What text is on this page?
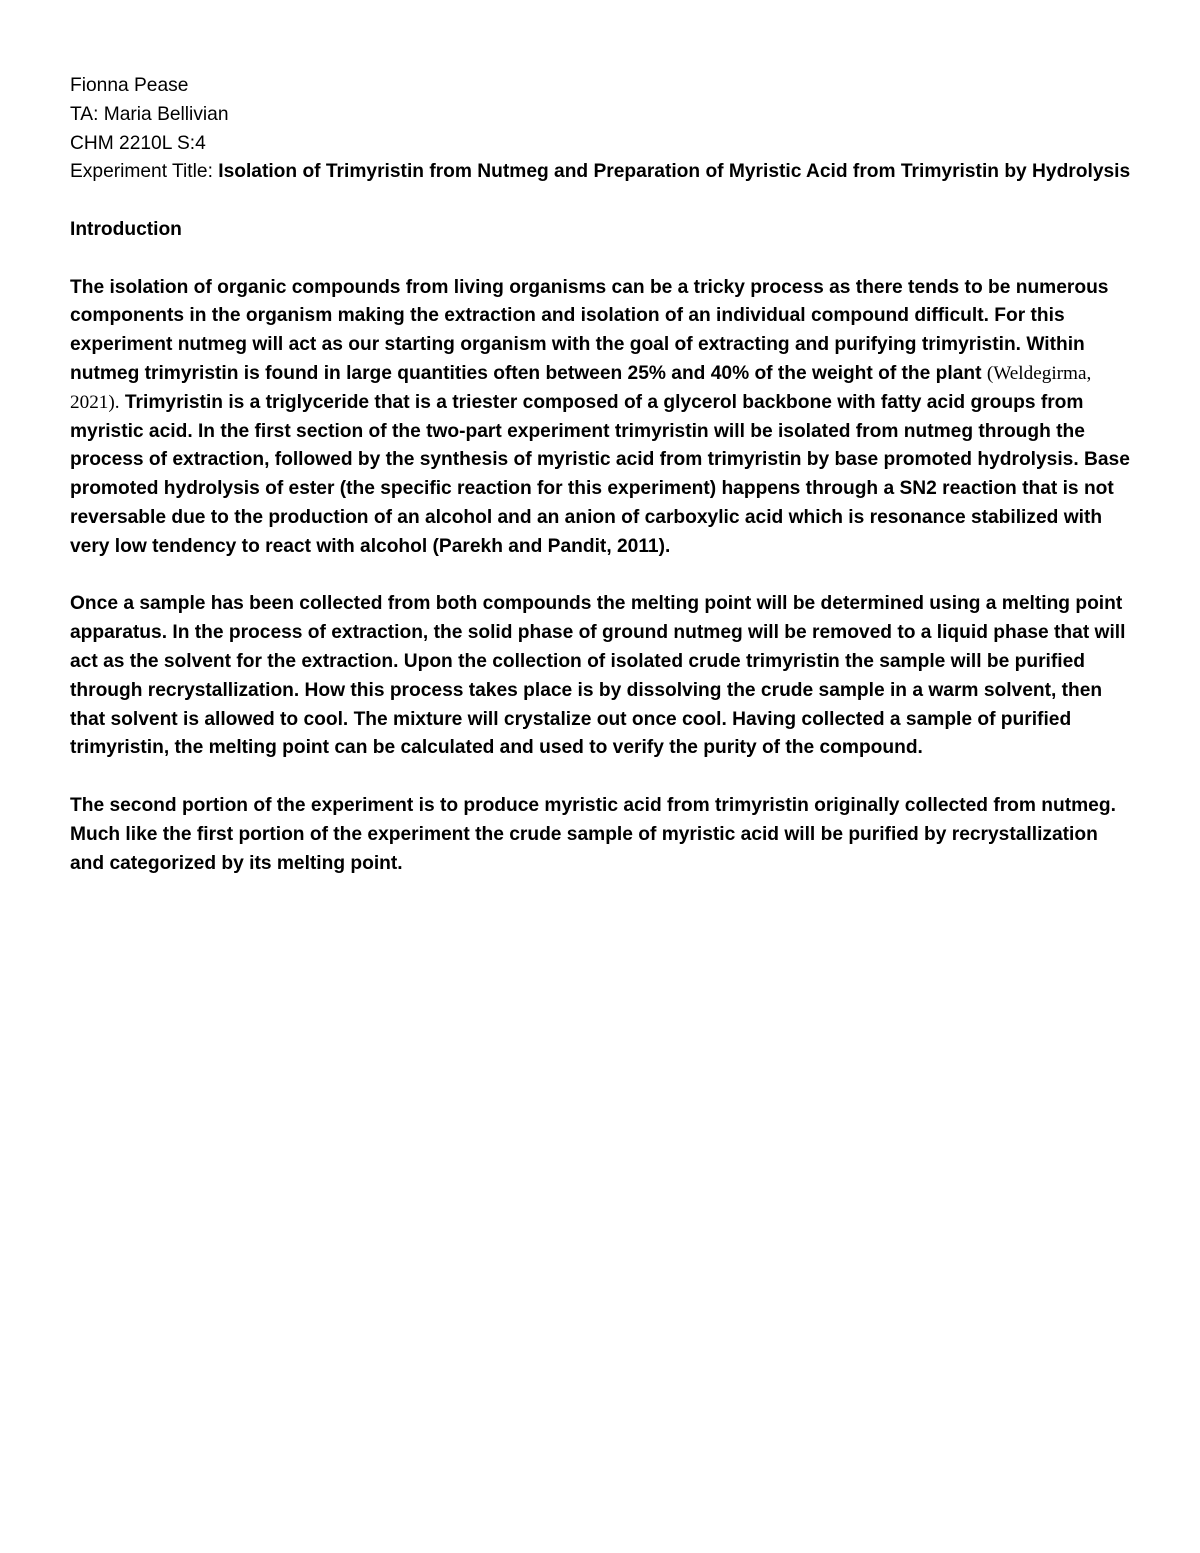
Fionna Pease

TA: Maria Bellivian

CHM 2210L S:4

Experiment Title: Isolation of Trimyristin from Nutmeg and Preparation of Myristic Acid from Trimyristin by Hydrolysis

Introduction

The isolation of organic compounds from living organisms can be a tricky process as there tends to be numerous components in the organism making the extraction and isolation of an individual compound difficult. For this experiment nutmeg will act as our starting organism with the goal of extracting and purifying trimyristin. Within nutmeg trimyristin is found in large quantities often between 25% and 40% of the weight of the plant (Weldegirma, 2021). Trimyristin is a triglyceride that is a triester composed of a glycerol backbone with fatty acid groups from myristic acid. In the first section of the two-part experiment trimyristin will be isolated from nutmeg through the process of extraction, followed by the synthesis of myristic acid from trimyristin by base promoted hydrolysis. Base promoted hydrolysis of ester (the specific reaction for this experiment) happens through a SN2 reaction that is not reversable due to the production of an alcohol and an anion of carboxylic acid which is resonance stabilized with very low tendency to react with alcohol (Parekh and Pandit, 2011).

Once a sample has been collected from both compounds the melting point will be determined using a melting point apparatus. In the process of extraction, the solid phase of ground nutmeg will be removed to a liquid phase that will act as the solvent for the extraction. Upon the collection of isolated crude trimyristin the sample will be purified through recrystallization. How this process takes place is by dissolving the crude sample in a warm solvent, then that solvent is allowed to cool. The mixture will crystalize out once cool. Having collected a sample of purified trimyristin, the melting point can be calculated and used to verify the purity of the compound.

The second portion of the experiment is to produce myristic acid from trimyristin originally collected from nutmeg. Much like the first portion of the experiment the crude sample of myristic acid will be purified by recrystallization and categorized by its melting point.
